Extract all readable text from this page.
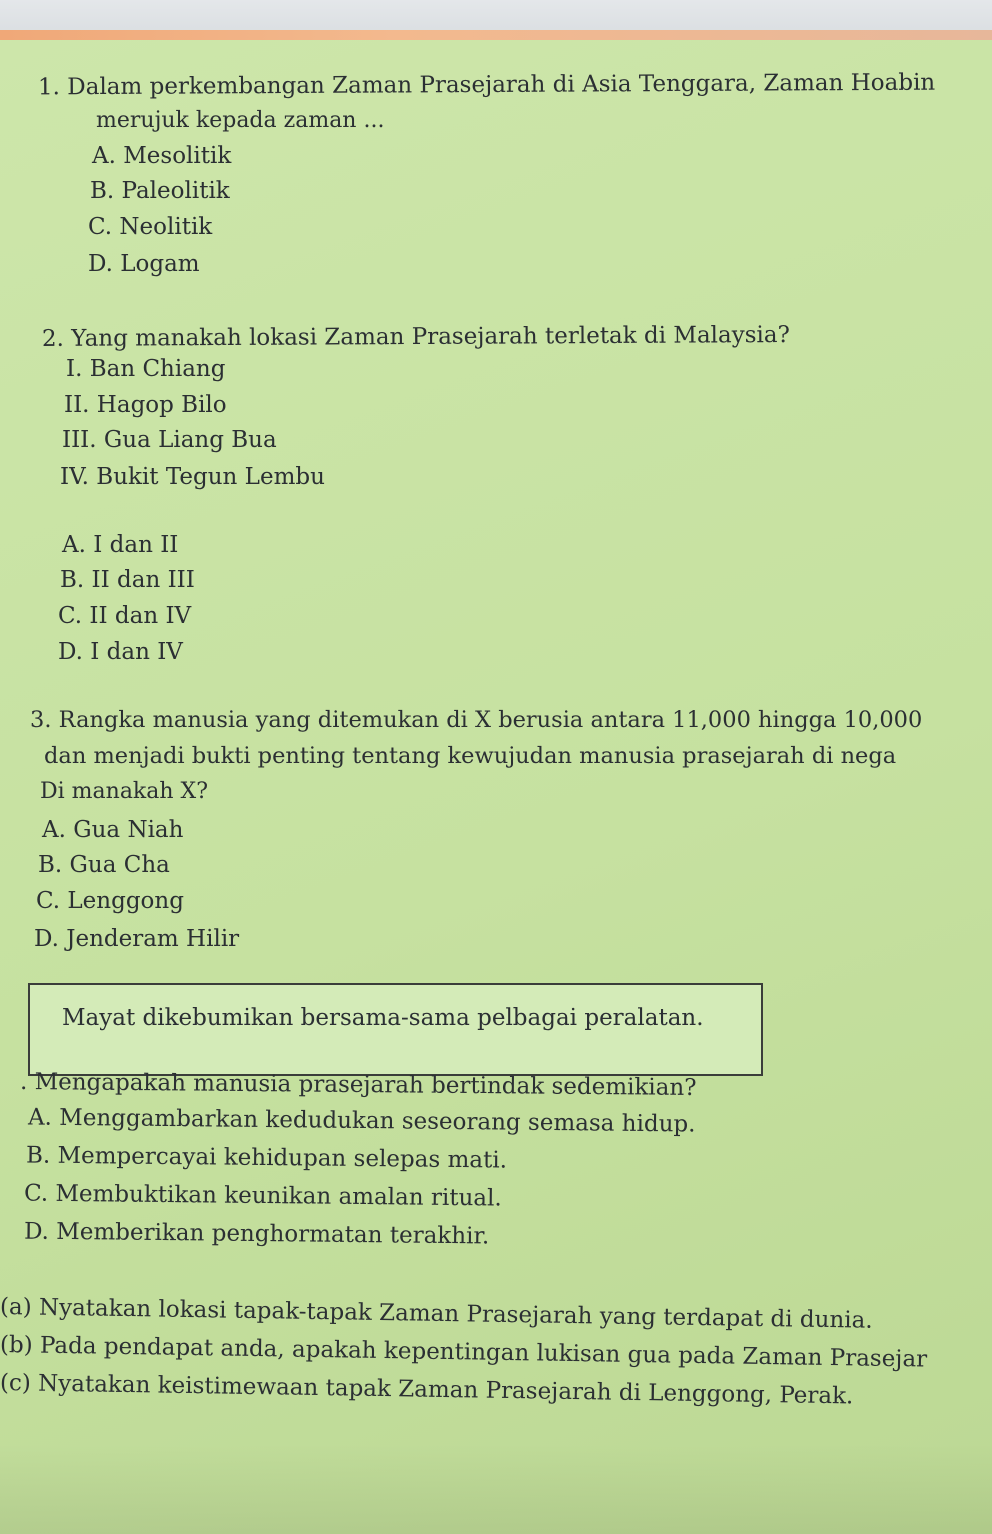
1. Dalam perkembangan Zaman Prasejarah di Asia Tenggara, Zaman Hoabin
merujuk kepada zaman ...
A. Mesolitik
B. Paleolitik
C. Neolitik
D. Logam
2. Yang manakah lokasi Zaman Prasejarah terletak di Malaysia?
I. Ban Chiang
II. Hagop Bilo
III. Gua Liang Bua
IV. Bukit Tegun Lembu
A. I dan II
B. II dan III
C. II dan IV
D. I dan IV
3. Rangka manusia yang ditemukan di X berusia antara 11,000 hingga 10,000
dan menjadi bukti penting tentang kewujudan manusia prasejarah di nega
Di manakah X?
A. Gua Niah
B. Gua Cha
C. Lenggong
D. Jenderam Hilir
Mayat dikebumikan bersama-sama pelbagai peralatan.
. Mengapakah manusia prasejarah bertindak sedemikian?
A. Menggambarkan kedudukan seseorang semasa hidup.
B. Mempercayai kehidupan selepas mati.
C. Membuktikan keunikan amalan ritual.
D. Memberikan penghormatan terakhir.
(a) Nyatakan lokasi tapak-tapak Zaman Prasejarah yang terdapat di dunia.
(b) Pada pendapat anda, apakah kepentingan lukisan gua pada Zaman Prasejar
(c) Nyatakan keistimewaan tapak Zaman Prasejarah di Lenggong, Perak.
